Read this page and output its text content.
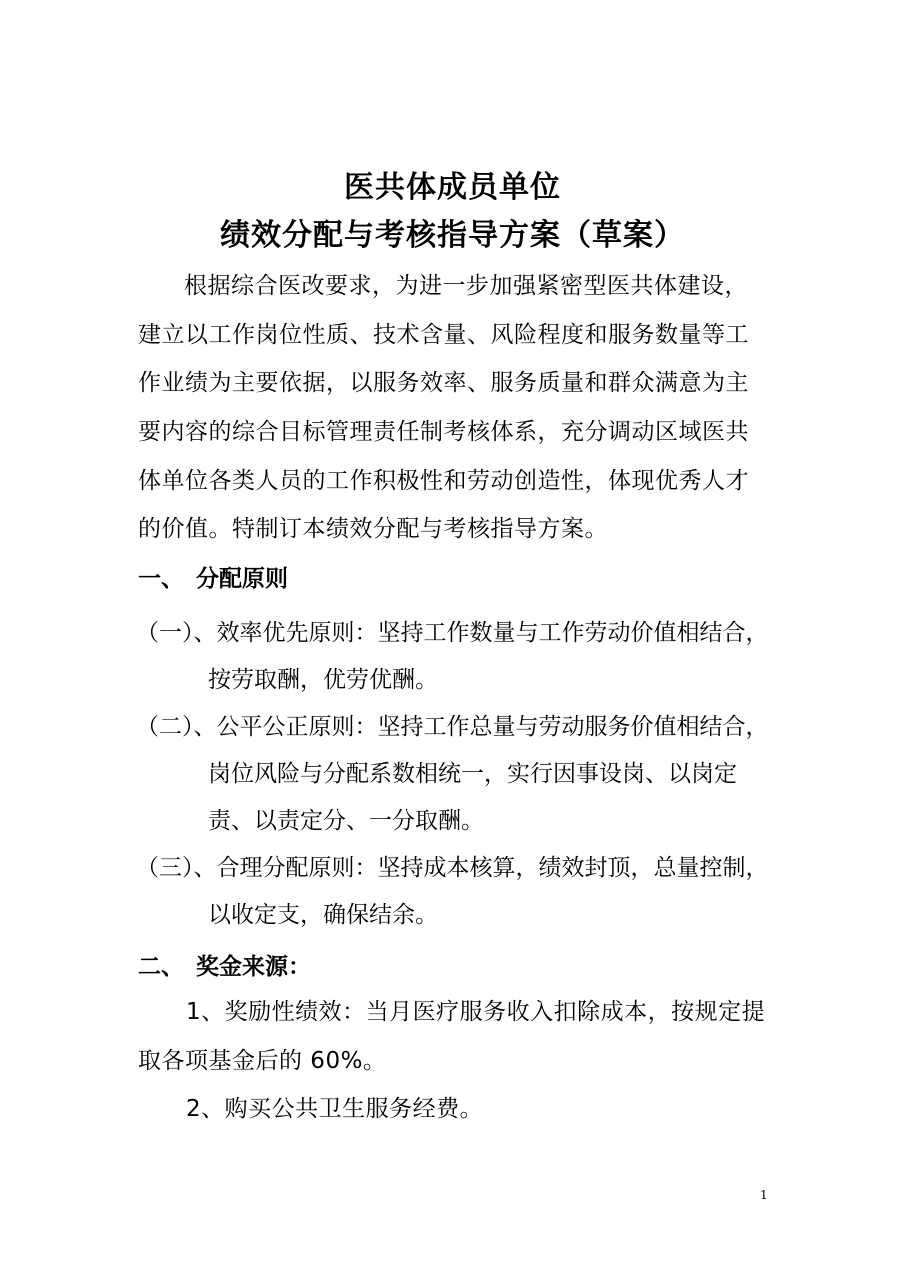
医共体成员单位
绩效分配与考核指导方案（草案）
根据综合医改要求，为进一步加强紧密型医共体建设，
建立以工作岗位性质、技术含量、风险程度和服务数量等工
作业绩为主要依据，以服务效率、服务质量和群众满意为主
要内容的综合目标管理责任制考核体系，充分调动区域医共
体单位各类人员的工作积极性和劳动创造性，体现优秀人才
的价值。特制订本绩效分配与考核指导方案。
一、 分配原则
（一）、效率优先原则：坚持工作数量与工作劳动价值相结合，
按劳取酬，优劳优酬。
（二）、公平公正原则：坚持工作总量与劳动服务价值相结合，
岗位风险与分配系数相统一，实行因事设岗、以岗定
责、以责定分、一分取酬。
（三）、合理分配原则：坚持成本核算，绩效封顶，总量控制，
以收定支，确保结余。
二、 奖金来源：
1、奖励性绩效：当月医疗服务收入扣除成本，按规定提
取各项基金后的 60%。
2、购买公共卫生服务经费。
1
